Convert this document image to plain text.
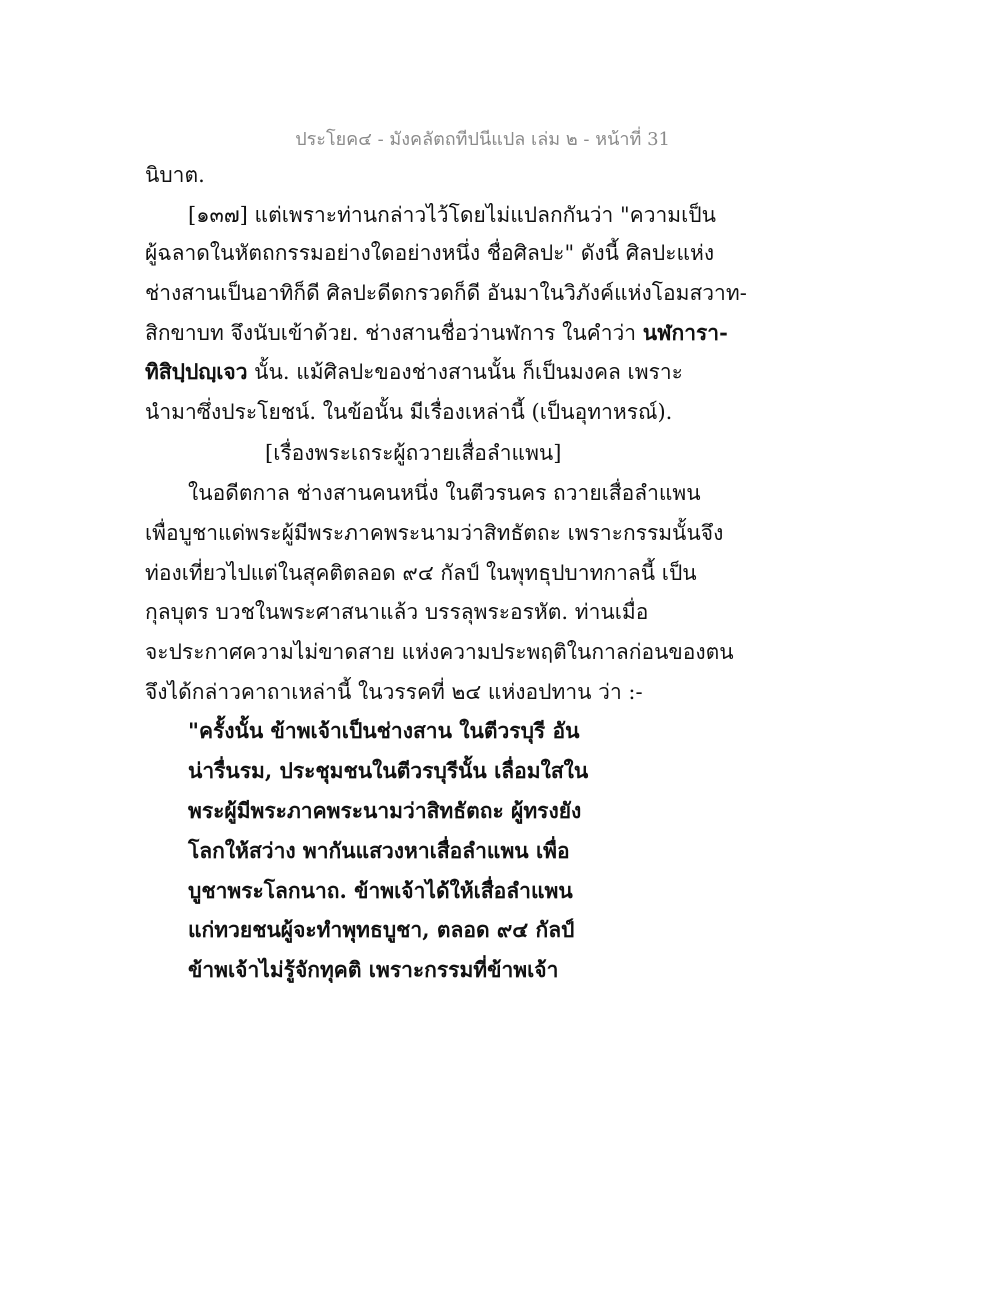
ประโยค๔ - มังคลัตถทีปนีแปล เล่ม ๒ - หน้าที่ 31
นิบาต.
[๑๓๗] แต่เพราะท่านกล่าวไว้โดยไม่แปลกกันว่า "ความเป็น
ผู้ฉลาดในหัตถกรรมอย่างใดอย่างหนึ่ง ชื่อศิลปะ" ดังนี้ ศิลปะแห่ง
ช่างสานเป็นอาทิก็ดี ศิลปะดีดกรวดก็ดี อันมาในวิภังค์แห่งโอมสวาท-
สิกขาบท จึงนับเข้าด้วย. ช่างสานชื่อว่านฬการ ในคำว่า นฬการา-
ทิสิปฺปญฺเจว นั้น. แม้ศิลปะของช่างสานนั้น ก็เป็นมงคล เพราะ
นำมาซึ่งประโยชน์. ในข้อนั้น มีเรื่องเหล่านี้ (เป็นอุทาหรณ์).
[เรื่องพระเถระผู้ถวายเสื่อลำแพน]
ในอดีตกาล ช่างสานคนหนึ่ง ในตีวรนคร ถวายเสื่อลำแพน
เพื่อบูชาแด่พระผู้มีพระภาคพระนามว่าสิทธัตถะ เพราะกรรมนั้นจึง
ท่องเที่ยวไปแต่ในสุคติตลอด ๙๔ กัลป์ ในพุทธุปบาทกาลนี้ เป็น
กุลบุตร บวชในพระศาสนาแล้ว บรรลุพระอรหัต. ท่านเมื่อ
จะประกาศความไม่ขาดสาย แห่งความประพฤติในกาลก่อนของตน
จึงได้กล่าวคาถาเหล่านี้ ในวรรคที่ ๒๔ แห่งอปทาน ว่า :-
"ครั้งนั้น ข้าพเจ้าเป็นช่างสาน ในตีวรบุรี อัน
น่ารื่นรม, ประชุมชนในตีวรบุรีนั้น เลื่อมใสใน
พระผู้มีพระภาคพระนามว่าสิทธัตถะ ผู้ทรงยัง
โลกให้สว่าง พากันแสวงหาเสื่อลำแพน เพื่อ
บูชาพระโลกนาถ. ข้าพเจ้าได้ให้เสื่อลำแพน
แก่ทวยชนผู้จะทำพุทธบูชา, ตลอด ๙๔ กัลป์
ข้าพเจ้าไม่รู้จักทุคติ เพราะกรรมที่ข้าพเจ้า
